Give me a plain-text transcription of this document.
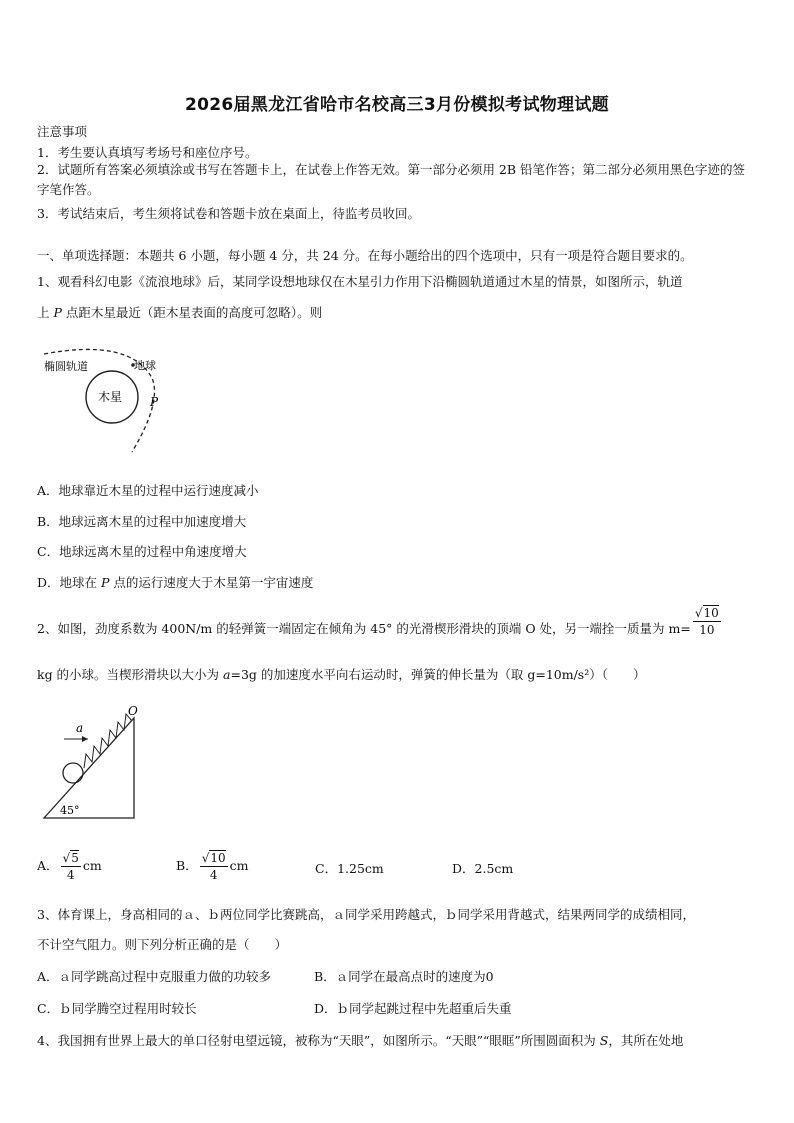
2026届黑龙江省哈市名校高三3月份模拟考试物理试题
注意事项
1．考生要认真填写考场号和座位序号。
2．试题所有答案必须填涂或书写在答题卡上，在试卷上作答无效。第一部分必须用 2B 铅笔作答；第二部分必须用黑色字迹的签字笔作答。
3．考试结束后，考生须将试卷和答题卡放在桌面上，待监考员收回。
一、单项选择题：本题共 6 小题，每小题 4 分，共 24 分。在每小题给出的四个选项中，只有一项是符合题目要求的。
1、观看科幻电影《流浪地球》后，某同学设想地球仅在木星引力作用下沿椭圆轨道通过木星的情景，如图所示，轨道
上 P 点距木星最近（距木星表面的高度可忽略）。则
椭圆轨道	地球
木星 P
A．地球靠近木星的过程中运行速度减小
B．地球远离木星的过程中加速度增大
C．地球远离木星的过程中角速度增大
D．地球在 P 点的运行速度大于木星第一宇宙速度
2、如图，劲度系数为 400N/m 的轻弹簧一端固定在倾角为 45° 的光滑楔形滑块的顶端 O 处，另一端拴一质量为 $m= \frac{√10}{10}$
kg 的小球。当楔形滑块以大小为 a=3g 的加速度水平向右运动时，弹簧的伸长量为（取 g=10m/s²）（　　）
a
O
45°
A． $\frac{√5}{4}$ cm	B． $\frac{√10}{4}$ cm	C．1.25cm	D．2.5cm
3、体育课上，身高相同的ａ、ｂ两位同学比赛跳高，ａ同学采用跨越式，ｂ同学采用背越式，结果两同学的成绩相同，
不计空气阻力。则下列分析正确的是（　　）
A．ａ同学跳高过程中克服重力做的功较多	B．ａ同学在最高点时的速度为0
C．ｂ同学腾空过程用时较长	D．ｂ同学起跳过程中先超重后失重
4、我国拥有世界上最大的单口径射电望远镜，被称为“天眼”，如图所示。“天眼”“眼眶”所围圆面积为 S，其所在处地
